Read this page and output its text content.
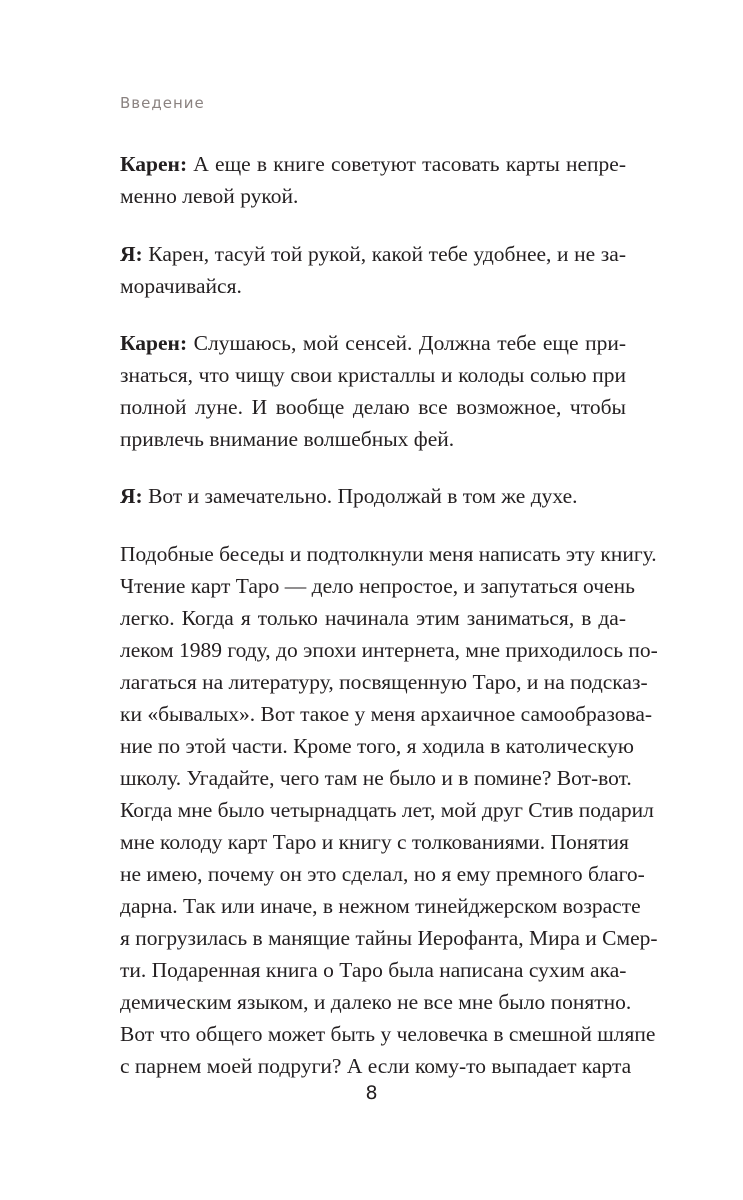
Введение
Карен: А еще в книге советуют тасовать карты непре-
менно левой рукой.
Я: Карен, тасуй той рукой, какой тебе удобнее, и не за-
морачивайся.
Карен: Слушаюсь, мой сенсей. Должна тебе еще при-
знаться, что чищу свои кристаллы и колоды солью при
полной луне. И вообще делаю все возможное, чтобы
привлечь внимание волшебных фей.
Я: Вот и замечательно. Продолжай в том же духе.
Подобные беседы и подтолкнули меня написать эту книгу.
Чтение карт Таро — дело непростое, и запутаться очень
легко. Когда я только начинала этим заниматься, в да-
леком 1989 году, до эпохи интернета, мне приходилось по-
лагаться на литературу, посвященную Таро, и на подсказ-
ки «бывалых». Вот такое у меня архаичное самообразова-
ние по этой части. Кроме того, я ходила в католическую
школу. Угадайте, чего там не было и в помине? Вот-вот.
Когда мне было четырнадцать лет, мой друг Стив подарил
мне колоду карт Таро и книгу с толкованиями. Понятия
не имею, почему он это сделал, но я ему премного благо-
дарна. Так или иначе, в нежном тинейджерском возрасте
я погрузилась в манящие тайны Иерофанта, Мира и Смер-
ти. Подаренная книга о Таро была написана сухим ака-
демическим языком, и далеко не все мне было понятно.
Вот что общего может быть у человечка в смешной шляпе
с парнем моей подруги? А если кому-то выпадает карта
8
